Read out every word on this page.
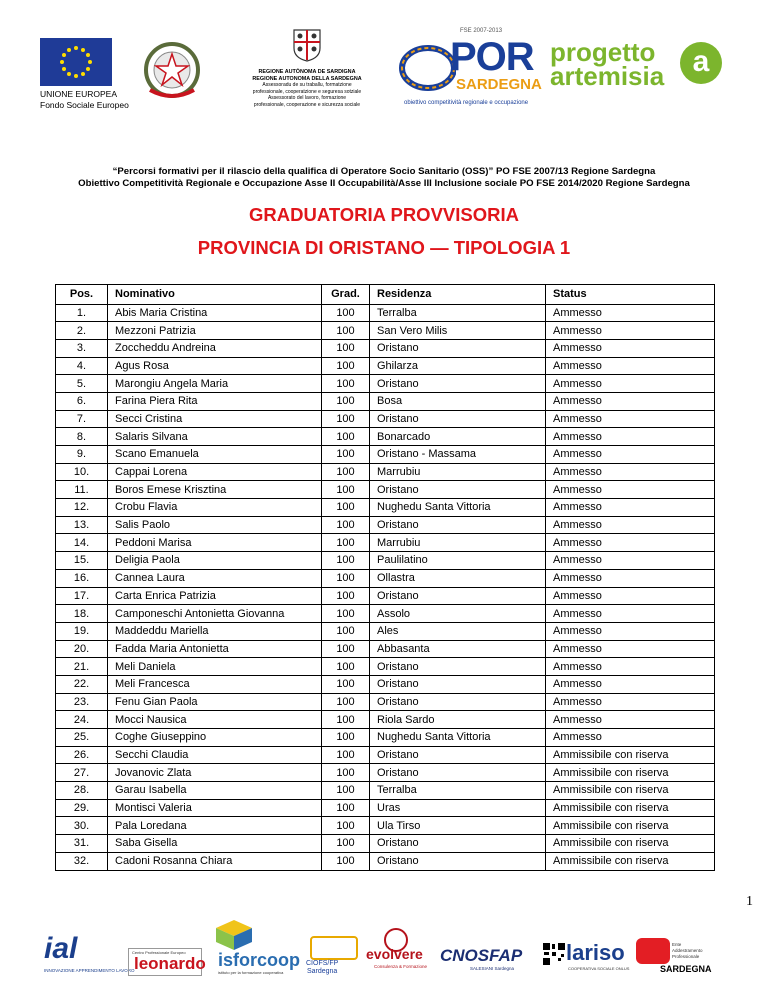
UNIONE EUROPEA
Fondo Sociale Europeo
REGIONE AUTÒNOMA DE SARDIGNA
REGIONE AUTONOMA DELLA SARDEGNA
Assessoradu de su traballu, formatzione professionale, cooperatzione e seguresa sotziale
Assessorato del lavoro, formazione professionale, cooperazione e sicurezza sociale
FSE 2007-2013
POR
SARDEGNA
obiettivo competitività regionale e occupazione
progetto
artemisia a
“Percorsi formativi per il rilascio della qualifica di Operatore Socio Sanitario (OSS)” PO FSE 2007/13 Regione Sardegna
Obiettivo Competitività Regionale e Occupazione Asse II Occupabilità/Asse III Inclusione sociale PO FSE 2014/2020 Regione Sardegna
GRADUATORIA PROVVISORIA
PROVINCIA DI ORISTANO — TIPOLOGIA 1
Pos.	Nominativo	Grad.	Residenza	Status
1.	Abis Maria Cristina	100	Terralba	Ammesso
2.	Mezzoni Patrizia	100	San Vero Milis	Ammesso
3.	Zoccheddu Andreina	100	Oristano	Ammesso
4.	Agus Rosa	100	Ghilarza	Ammesso
5.	Marongiu Angela Maria	100	Oristano	Ammesso
6.	Farina Piera Rita	100	Bosa	Ammesso
7.	Secci Cristina	100	Oristano	Ammesso
8.	Salaris Silvana	100	Bonarcado	Ammesso
9.	Scano Emanuela	100	Oristano - Massama	Ammesso
10.	Cappai Lorena	100	Marrubiu	Ammesso
11.	Boros Emese Krisztina	100	Oristano	Ammesso
12.	Crobu Flavia	100	Nughedu Santa Vittoria	Ammesso
13.	Salis Paolo	100	Oristano	Ammesso
14.	Peddoni Marisa	100	Marrubiu	Ammesso
15.	Deligia Paola	100	Paulilatino	Ammesso
16.	Cannea Laura	100	Ollastra	Ammesso
17.	Carta Enrica Patrizia	100	Oristano	Ammesso
18.	Camponeschi Antonietta Giovanna	100	Assolo	Ammesso
19.	Maddeddu Mariella	100	Ales	Ammesso
20.	Fadda Maria Antonietta	100	Abbasanta	Ammesso
21.	Meli Daniela	100	Oristano	Ammesso
22.	Meli Francesca	100	Oristano	Ammesso
23.	Fenu Gian Paola	100	Oristano	Ammesso
24.	Mocci Nausica	100	Riola Sardo	Ammesso
25.	Coghe Giuseppino	100	Nughedu Santa Vittoria	Ammesso
26.	Secchi Claudia	100	Oristano	Ammissibile con riserva
27.	Jovanovic Zlata	100	Oristano	Ammissibile con riserva
28.	Garau Isabella	100	Terralba	Ammissibile con riserva
29.	Montisci Valeria	100	Uras	Ammissibile con riserva
30.	Pala Loredana	100	Ula Tirso	Ammissibile con riserva
31.	Saba Gisella	100	Oristano	Ammissibile con riserva
32.	Cadoni Rosanna Chiara	100	Oristano	Ammissibile con riserva
1
ial
INNOVAZIONE APPRENDIMENTO LAVORO
Centro Professionale Europeo
leonardo isforcoop
istituto per la formazione cooperativa
CIOFS/FP
Sardegna
evolvere
Consulenza & Formazione
CNOSFAP
SALESIANI Sardegna
lariso
COOPERATIVA SOCIALE ONLUS
Ente
Addestramento
Professionale
SARDEGNA
